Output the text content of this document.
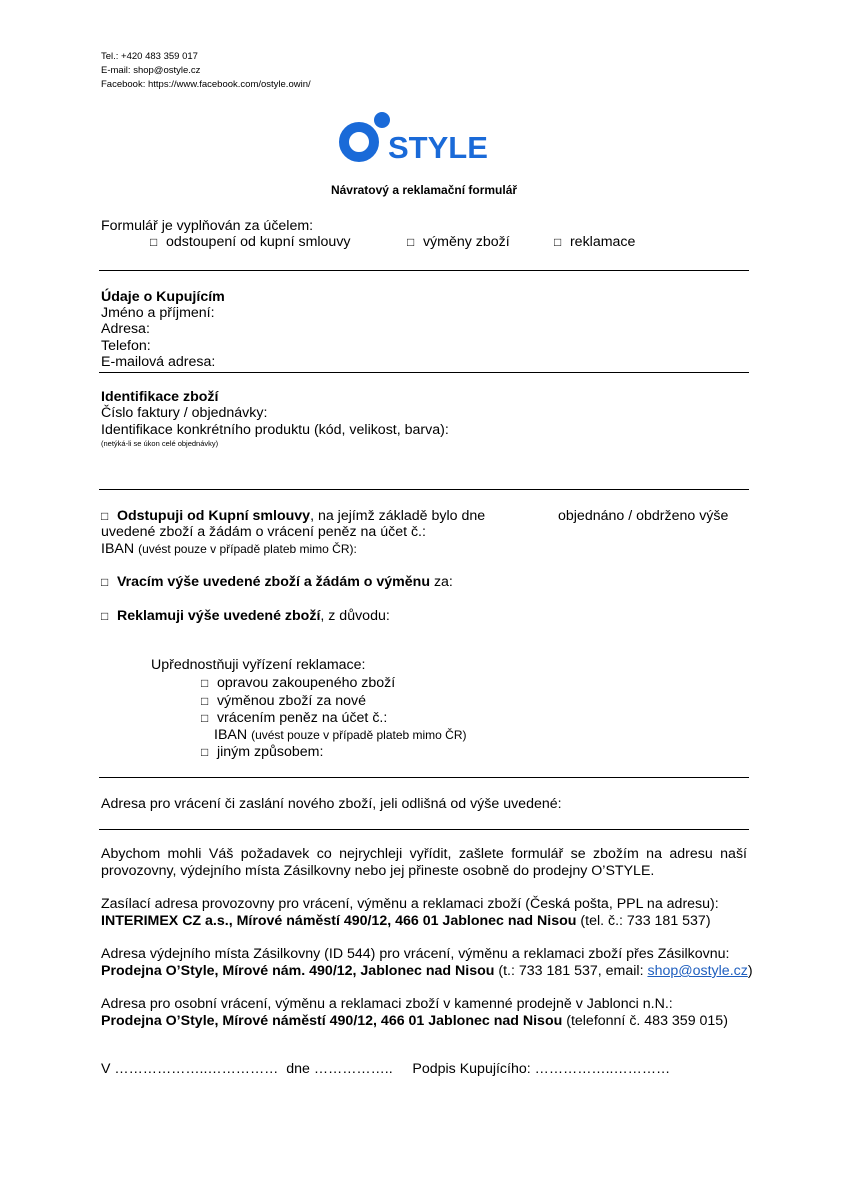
Tel.: +420 483 359 017
E-mail: shop@ostyle.cz
Facebook: https://www.facebook.com/ostyle.owin/
STYLE
Návratový a reklamační formulář
Formulář je vyplňován za účelem:
□ odstoupení od kupní smlouvy	□ výměny zboží	□ reklamace
Údaje o Kupujícím
Jméno a příjmení:
Adresa:
Telefon:
E-mailová adresa:
Identifikace zboží
Číslo faktury / objednávky:
Identifikace konkrétního produktu (kód, velikost, barva):
(netýká-li se úkon celé objednávky)
□ Odstupuji od Kupní smlouvy, na jejímž základě bylo dne	objednáno / obdrženo výše
uvedené zboží a žádám o vrácení peněz na účet č.:
IBAN (uvést pouze v případě plateb mimo ČR):
□ Vracím výše uvedené zboží a žádám o výměnu za:
□ Reklamuji výše uvedené zboží, z důvodu:
Upřednostňuji vyřízení reklamace:
□ opravou zakoupeného zboží
□ výměnou zboží za nové
□ vrácením peněz na účet č.:
IBAN (uvést pouze v případě plateb mimo ČR)
□ jiným způsobem:
Adresa pro vrácení či zaslání nového zboží, jeli odlišná od výše uvedené:
Abychom mohli Váš požadavek co nejrychleji vyřídit, zašlete formulář se zbožím na adresu naší provozovny, výdejního místa Zásilkovny nebo jej přineste osobně do prodejny O’STYLE.
Zasílací adresa provozovny pro vrácení, výměnu a reklamaci zboží (Česká pošta, PPL na adresu):
INTERIMEX CZ a.s., Mírové náměstí 490/12, 466 01 Jablonec nad Nisou (tel. č.: 733 181 537)
Adresa výdejního místa Zásilkovny (ID 544) pro vrácení, výměnu a reklamaci zboží přes Zásilkovnu:
Prodejna O’Style, Mírové nám. 490/12, Jablonec nad Nisou (t.: 733 181 537, email: shop@ostyle.cz)
Adresa pro osobní vrácení, výměnu a reklamaci zboží v kamenné prodejně v Jablonci n.N.:
Prodejna O’Style, Mírové náměstí 490/12, 466 01 Jablonec nad Nisou (telefonní č. 483 359 015)
V ………………..……………  dne ……………..     Podpis Kupujícího: ……………..…………
